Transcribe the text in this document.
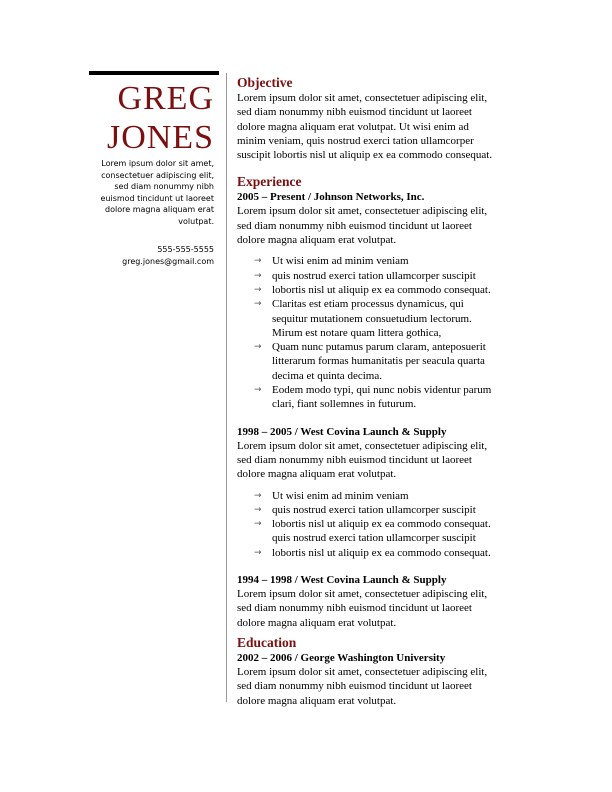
GREG
JONES
Lorem ipsum dolor sit amet,
consectetuer adipiscing elit,
sed diam nonummy nibh
euismod tincidunt ut laoreet
dolore magna aliquam erat
volutpat.
555-555-5555
greg.jones@gmail.com
Objective
Lorem ipsum dolor sit amet, consectetuer adipiscing elit,
sed diam nonummy nibh euismod tincidunt ut laoreet
dolore magna aliquam erat volutpat. Ut wisi enim ad
minim veniam, quis nostrud exerci tation ullamcorper
suscipit lobortis nisl ut aliquip ex ea commodo consequat.
Experience
2005 – Present / Johnson Networks, Inc.
Lorem ipsum dolor sit amet, consectetuer adipiscing elit,
sed diam nonummy nibh euismod tincidunt ut laoreet
dolore magna aliquam erat volutpat.
→ Ut wisi enim ad minim veniam
→ quis nostrud exerci tation ullamcorper suscipit
→ lobortis nisl ut aliquip ex ea commodo consequat.
→ Claritas est etiam processus dynamicus, qui
sequitur mutationem consuetudium lectorum.
Mirum est notare quam littera gothica,
→ Quam nunc putamus parum claram, anteposuerit
litterarum formas humanitatis per seacula quarta
decima et quinta decima.
→ Eodem modo typi, qui nunc nobis videntur parum
clari, fiant sollemnes in futurum.
1998 – 2005 / West Covina Launch & Supply
Lorem ipsum dolor sit amet, consectetuer adipiscing elit,
sed diam nonummy nibh euismod tincidunt ut laoreet
dolore magna aliquam erat volutpat.
→ Ut wisi enim ad minim veniam
→ quis nostrud exerci tation ullamcorper suscipit
→ lobortis nisl ut aliquip ex ea commodo consequat.
quis nostrud exerci tation ullamcorper suscipit
→ lobortis nisl ut aliquip ex ea commodo consequat.
1994 – 1998 / West Covina Launch & Supply
Lorem ipsum dolor sit amet, consectetuer adipiscing elit,
sed diam nonummy nibh euismod tincidunt ut laoreet
dolore magna aliquam erat volutpat.
Education
2002 – 2006 / George Washington University
Lorem ipsum dolor sit amet, consectetuer adipiscing elit,
sed diam nonummy nibh euismod tincidunt ut laoreet
dolore magna aliquam erat volutpat.
